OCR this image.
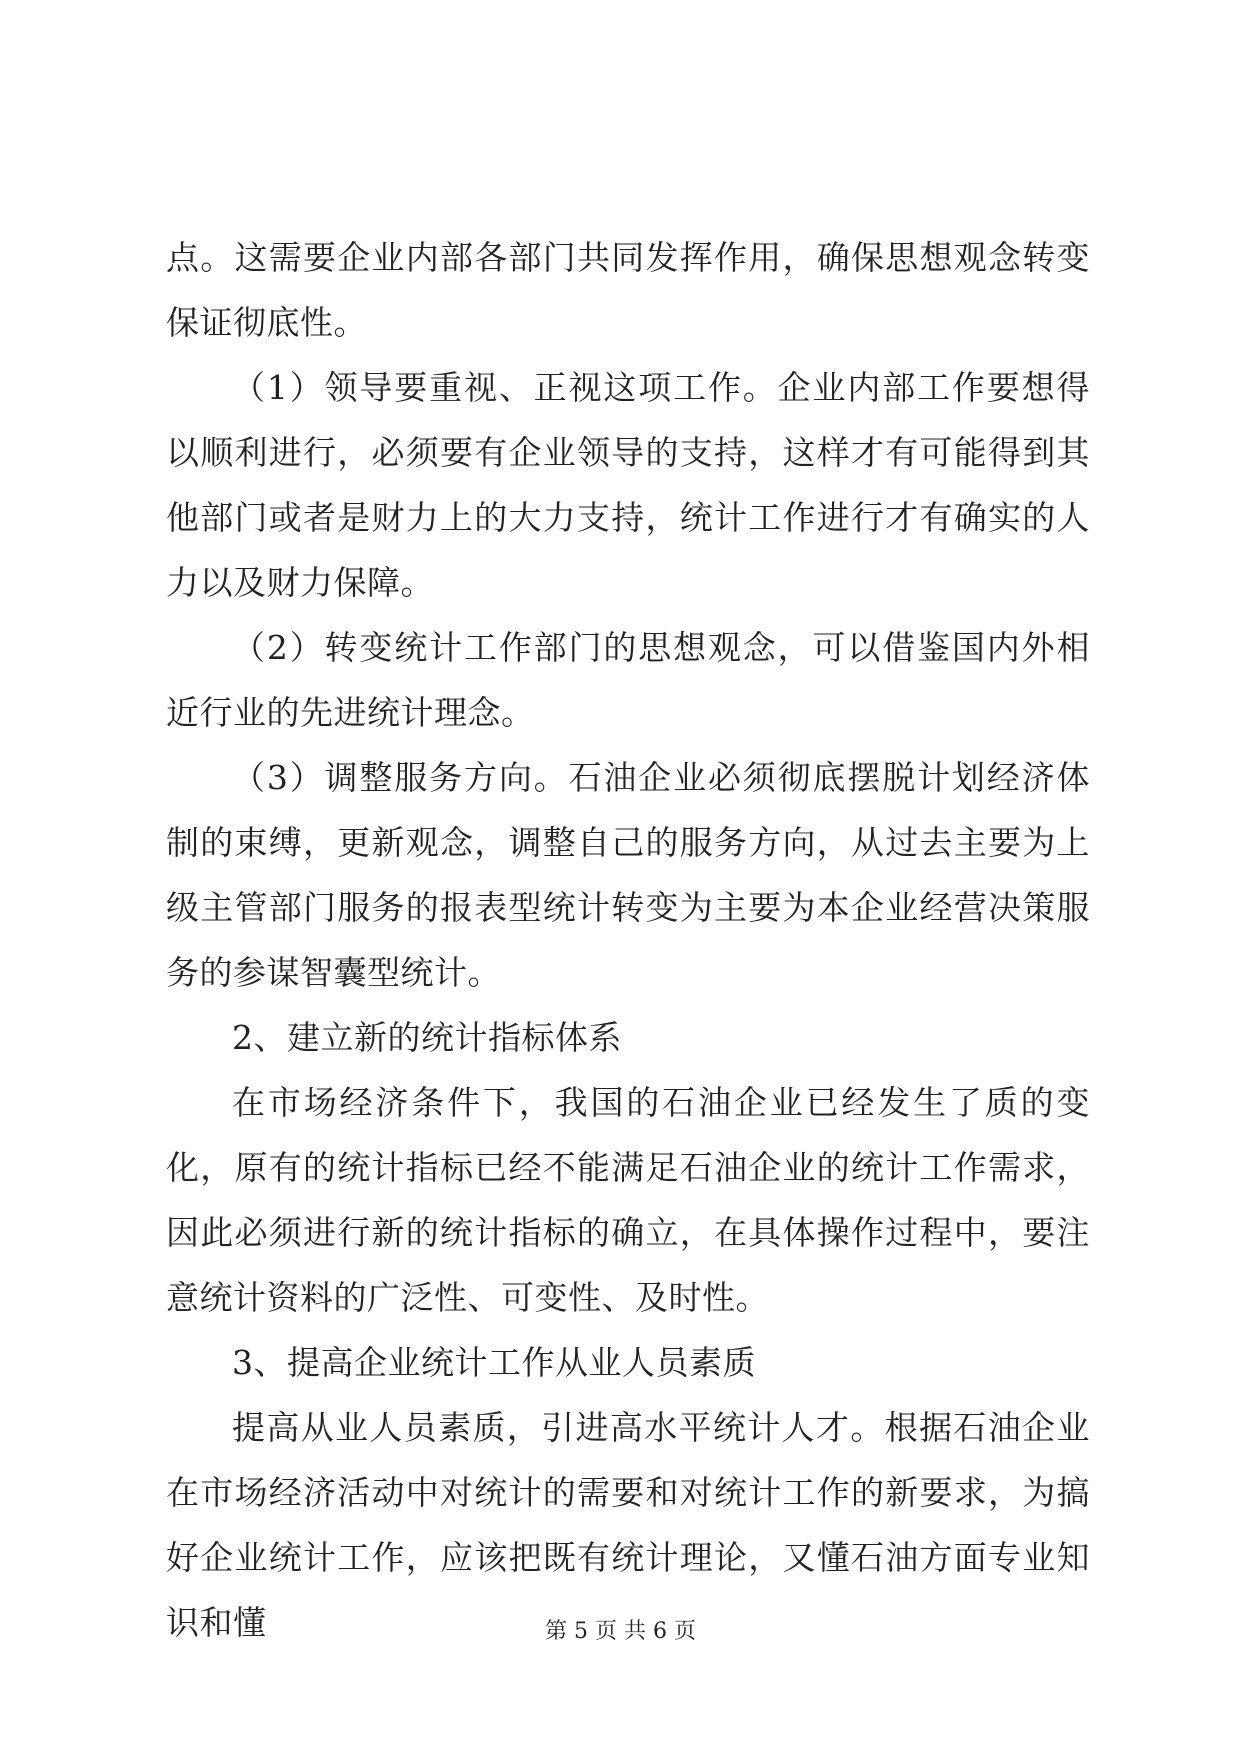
点。这需要企业内部各部门共同发挥作用，确保思想观念转变保证彻底性。

（1）领导要重视、正视这项工作。企业内部工作要想得以顺利进行，必须要有企业领导的支持，这样才有可能得到其他部门或者是财力上的大力支持，统计工作进行才有确实的人力以及财力保障。

（2）转变统计工作部门的思想观念，可以借鉴国内外相近行业的先进统计理念。

（3）调整服务方向。石油企业必须彻底摆脱计划经济体制的束缚，更新观念，调整自己的服务方向，从过去主要为上级主管部门服务的报表型统计转变为主要为本企业经营决策服务的参谋智囊型统计。

2、建立新的统计指标体系

在市场经济条件下，我国的石油企业已经发生了质的变化，原有的统计指标已经不能满足石油企业的统计工作需求，因此必须进行新的统计指标的确立，在具体操作过程中，要注意统计资料的广泛性、可变性、及时性。

3、提高企业统计工作从业人员素质

提高从业人员素质，引进高水平统计人才。根据石油企业在市场经济活动中对统计的需要和对统计工作的新要求，为搞好企业统计工作，应该把既有统计理论，又懂石油方面专业知识和懂	第 5 页 共 6 页
